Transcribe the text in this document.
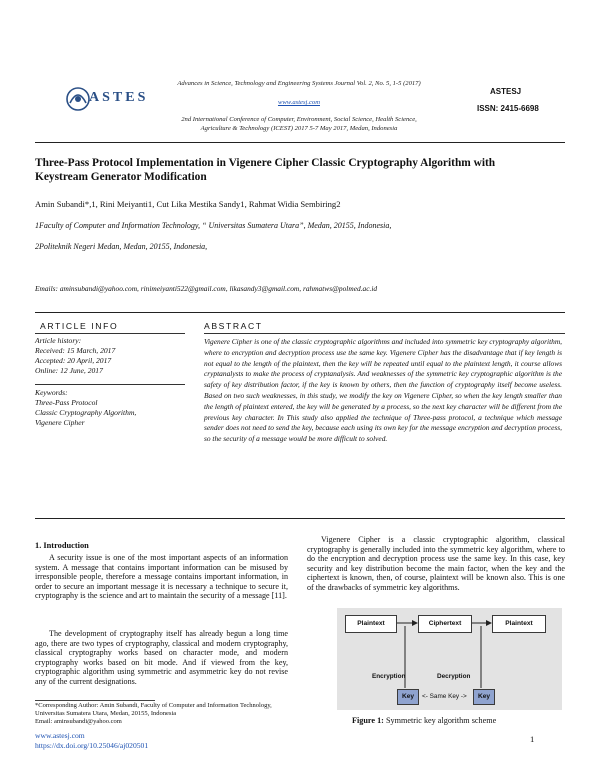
ASTES
Advances in Science, Technology and Engineering Systems Journal Vol. 2, No. 5, 1-5 (2017)
www.astesj.com
2nd International Conference of Computer, Environment, Social Science, Health Science,
Agriculture & Technology (ICEST) 2017 5-7 May 2017, Medan, Indonesia
ASTESJ
ISSN: 2415-6698
Three-Pass Protocol Implementation in Vigenere Cipher Classic Cryptography Algorithm with
Keystream Generator Modification
Amin Subandi*,1, Rini Meiyanti1, Cut Lika Mestika Sandy1, Rahmat Widia Sembiring2
1Faculty of Computer and Information Technology, “ Universitas Sumatera Utara”, Medan, 20155, Indonesia,
2Politeknik Negeri Medan, Medan, 20155, Indonesia,
Emails: aminsubandi@yahoo.com, rinimeiyanti522@gmail.com, likasandy3@gmail.com, rahmatws@polmed.ac.id
ARTICLE INFO
Article history:
Received: 15 March, 2017
Accepted: 20 April, 2017
Online: 12 June, 2017
Keywords:
Three-Pass Protocol
Classic Cryptography Algorithm,
Vigenere Cipher
ABSTRACT
Vigenere Cipher is one of the classic cryptographic algorithms and included into symmetric key cryptography algorithm, where to encryption and decryption process use the same key. Vigenere Cipher has the disadvantage that if key length is not equal to the length of the plaintext, then the key will be repeated until equal to the plaintext length, it course allows cryptanalysts to make the process of cryptanalysis. And weaknesses of the symmetric key cryptographic algorithm is the safety of key distribution factor, if the key is known by others, then the function of cryptography itself become useless. Based on two such weaknesses, in this study, we modify the key on Vigenere Cipher, so when the key length smaller than the length of plaintext entered, the key will be generated by a process, so the next key character will be different from the previous key character. In This study also applied the technique of Three-pass protocol, a technique which message sender does not need to send the key, because each using its own key for the message encryption and decryption process, so the security of a message would be more difficult to solved.
1. Introduction
A security issue is one of the most important aspects of an information system. A message that contains important information can be misused by irresponsible people, therefore a message contains important information, in order to secure an important message it is necessary a technique to secure it, cryptography is the science and art to maintain the security of a message [11].
The development of cryptography itself has already begun a long time ago, there are two types of cryptography, classical and modern cryptography, classical cryptography works based on character mode, and modern cryptography works based on bit mode. And if viewed from the key, cryptographic algorithm using symmetric and asymmetric key do not revise any of the current designations.
*Corresponding Author: Amin Subandi, Faculty of Computer and Information Technology, Universitas Sumatera Utara, Medan, 20155, Indonesia
Email: aminsubandi@yahoo.com
www.astesj.com
https://dx.doi.org/10.25046/aj020501
1
Vigenere Cipher is a classic cryptographic algorithm, classical cryptography is generally included into the symmetric key algorithm, where to do the encryption and decryption process use the same key. In this case, key security and key distribution become the main factor, when the key and the ciphertext is known, then, of course, plaintext will be known also. This is one of the drawbacks of symmetric key algorithms.
Plaintext	Ciphertext	Plaintext
Encryption	Decryption
Key	<- Same Key ->	Key
Figure 1: Symmetric key algorithm scheme
